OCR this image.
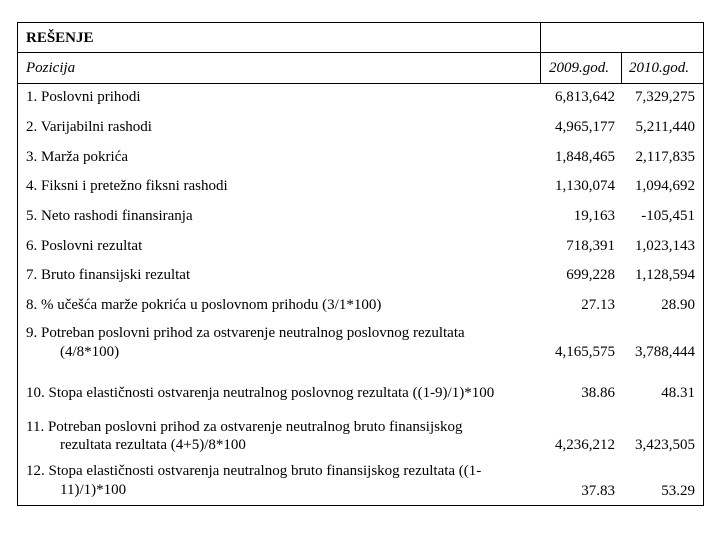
REŠENJE
Pozicija	2009.god. 2010.god.
1. Poslovni prihodi	6,813,642 7,329,275
2. Varijabilni rashodi	4,965,177 5,211,440
3. Marža pokrića	1,848,465 2,117,835
4. Fiksni i pretežno fiksni rashodi	1,130,074 1,094,692
5. Neto rashodi finansiranja	19,163 -105,451
6. Poslovni rezultat	718,391 1,023,143
7. Bruto finansijski rezultat	699,228 1,128,594
8. % učešća marže pokrića u poslovnom prihodu (3/1*100)	27.13	28.90
9. Potreban poslovni prihod za ostvarenje neutralnog poslovnog rezultata
(4/8*100)	4,165,575 3,788,444
10. Stopa elastičnosti ostvarenja neutralnog poslovnog rezultata ((1-9)/1)*100	38.86	48.31
11. Potreban poslovni prihod za ostvarenje neutralnog bruto finansijskog
rezultata rezultata (4+5)/8*100	4,236,212 3,423,505
12. Stopa elastičnosti ostvarenja neutralnog bruto finansijskog rezultata ((1-
11)/1)*100	37.83	53.29
